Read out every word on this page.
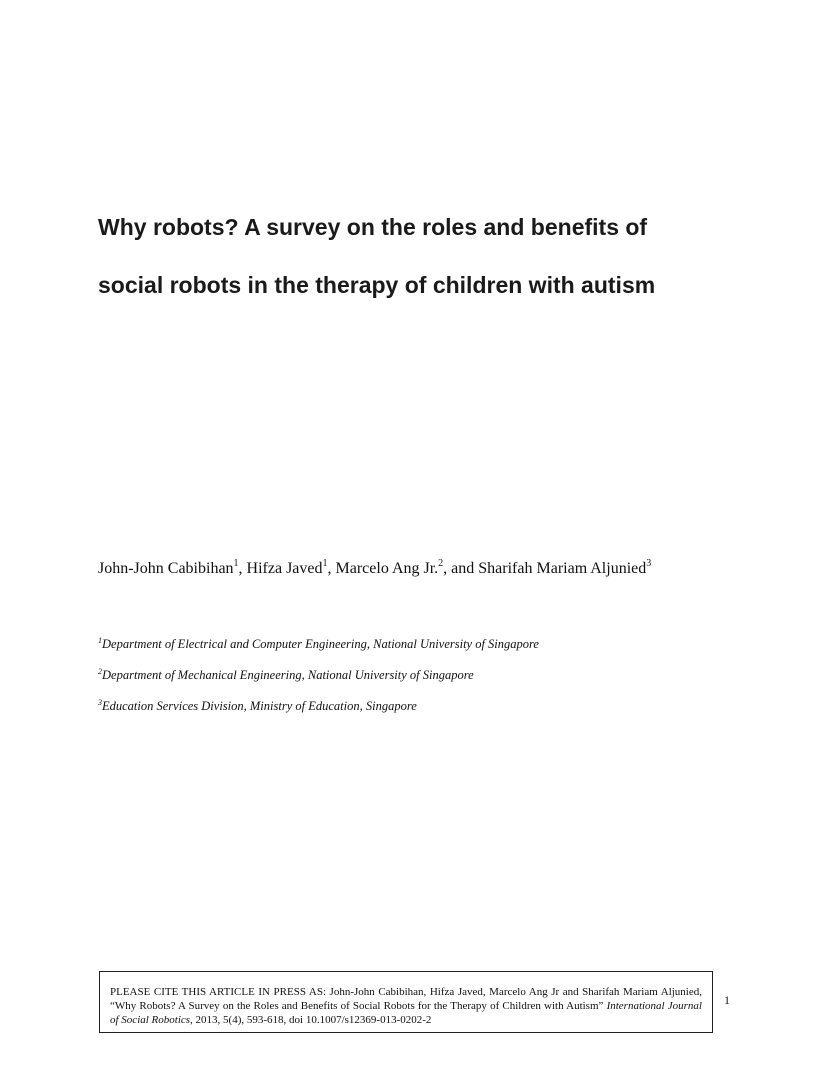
Why robots? A survey on the roles and benefits of
social robots in the therapy of children with autism
John-John Cabibihan$^1$, Hifza Javed$^1$, Marcelo Ang Jr.$^2$, and Sharifah Mariam Aljunied$^3$
$^1$Department of Electrical and Computer Engineering, National University of Singapore
$^2$Department of Mechanical Engineering, National University of Singapore
$^3$Education Services Division, Ministry of Education, Singapore
PLEASE CITE THIS ARTICLE IN PRESS AS: John-John Cabibihan, Hifza Javed, Marcelo Ang Jr and Sharifah Mariam Aljunied, “Why Robots? A Survey on the Roles and Benefits of Social Robots for the Therapy of Children with Autism” International Journal of Social Robotics, 2013, 5(4), 593-618, doi 10.1007/s12369-013-0202-2
1
